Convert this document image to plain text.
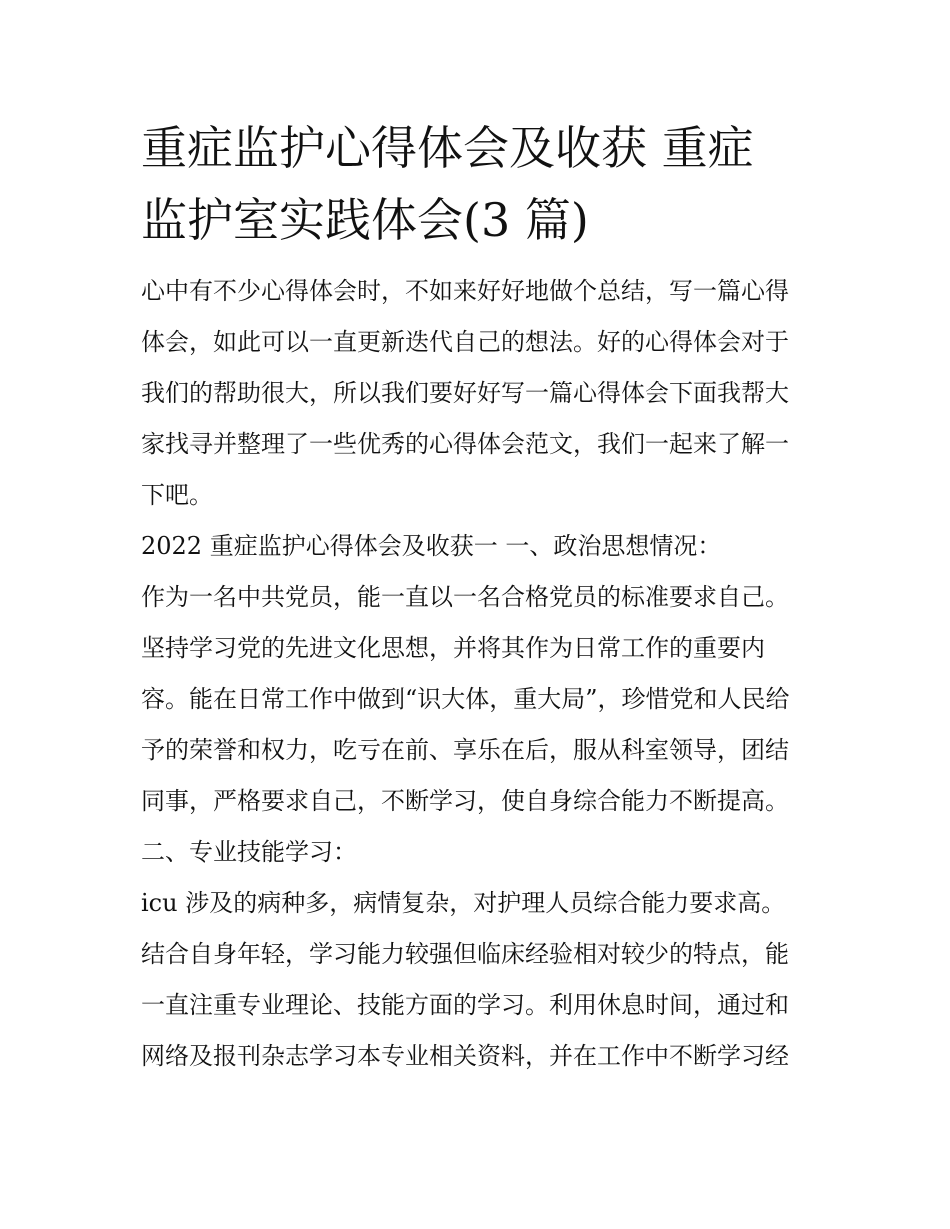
重症监护心得体会及收获 重症
监护室实践体会(3 篇)
心中有不少心得体会时，不如来好好地做个总结，写一篇心得
体会，如此可以一直更新迭代自己的想法。好的心得体会对于
我们的帮助很大，所以我们要好好写一篇心得体会下面我帮大
家找寻并整理了一些优秀的心得体会范文，我们一起来了解一
下吧。
2022 重症监护心得体会及收获一 一、政治思想情况：
作为一名中共党员，能一直以一名合格党员的标准要求自己。
坚持学习党的先进文化思想，并将其作为日常工作的重要内
容。能在日常工作中做到“识大体，重大局”，珍惜党和人民给
予的荣誉和权力，吃亏在前、享乐在后，服从科室领导，团结
同事，严格要求自己，不断学习，使自身综合能力不断提高。
二、专业技能学习：
icu 涉及的病种多，病情复杂，对护理人员综合能力要求高。
结合自身年轻，学习能力较强但临床经验相对较少的特点，能
一直注重专业理论、技能方面的学习。利用休息时间，通过和
网络及报刊杂志学习本专业相关资料，并在工作中不断学习经
